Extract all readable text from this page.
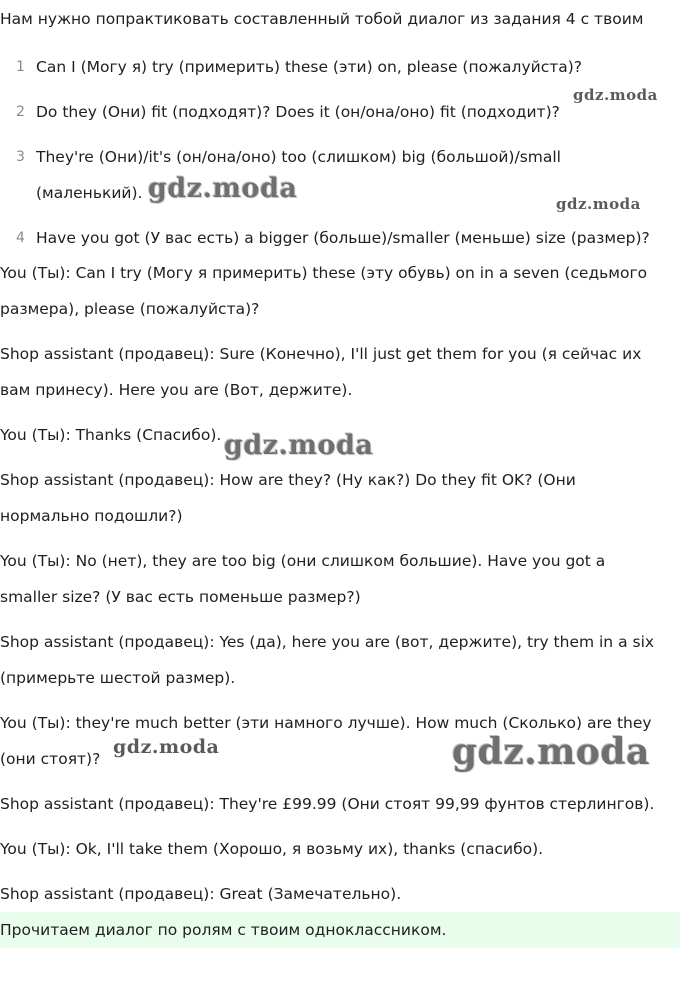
Нам нужно попрактиковать составленный тобой диалог из задания 4 с твоим
1 Can I (Могу я) try (примерить) these (эти) on, please (пожалуйста)?
2 Do they (Они) fit (подходят)? Does it (он/она/оно) fit (подходит)?
3 They're (Они)/it's (он/она/оно) too (слишком) big (большой)/small (маленький).
4 Have you got (У вас есть) a bigger (больше)/smaller (меньше) size (размер)?
You (Ты): Can I try (Могу я примерить) these (эту обувь) on in a seven (седьмого размера), please (пожалуйста)?
Shop assistant (продавец): Sure (Конечно), I'll just get them for you (я сейчас их вам принесу). Here you are (Вот, держите).
You (Ты): Thanks (Спасибо).
Shop assistant (продавец): How are they? (Ну как?) Do they fit OK? (Они нормально подошли?)
You (Ты): No (нет), they are too big (они слишком большие). Have you got a smaller size? (У вас есть поменьше размер?)
Shop assistant (продавец): Yes (да), here you are (вот, держите), try them in a six (примерьте шестой размер).
You (Ты): they're much better (эти намного лучше). How much (Сколько) are they (они стоят)?
Shop assistant (продавец): They're £99.99 (Они стоят 99,99 фунтов стерлингов).
You (Ты): Ok, I'll take them (Хорошо, я возьму их), thanks (спасибо).
Shop assistant (продавец): Great (Замечательно).
Прочитаем диалог по ролям с твоим одноклассником.
gdz.moda
gdz.moda	gdz.moda
gdz.moda
gdz.moda	gdz.moda
